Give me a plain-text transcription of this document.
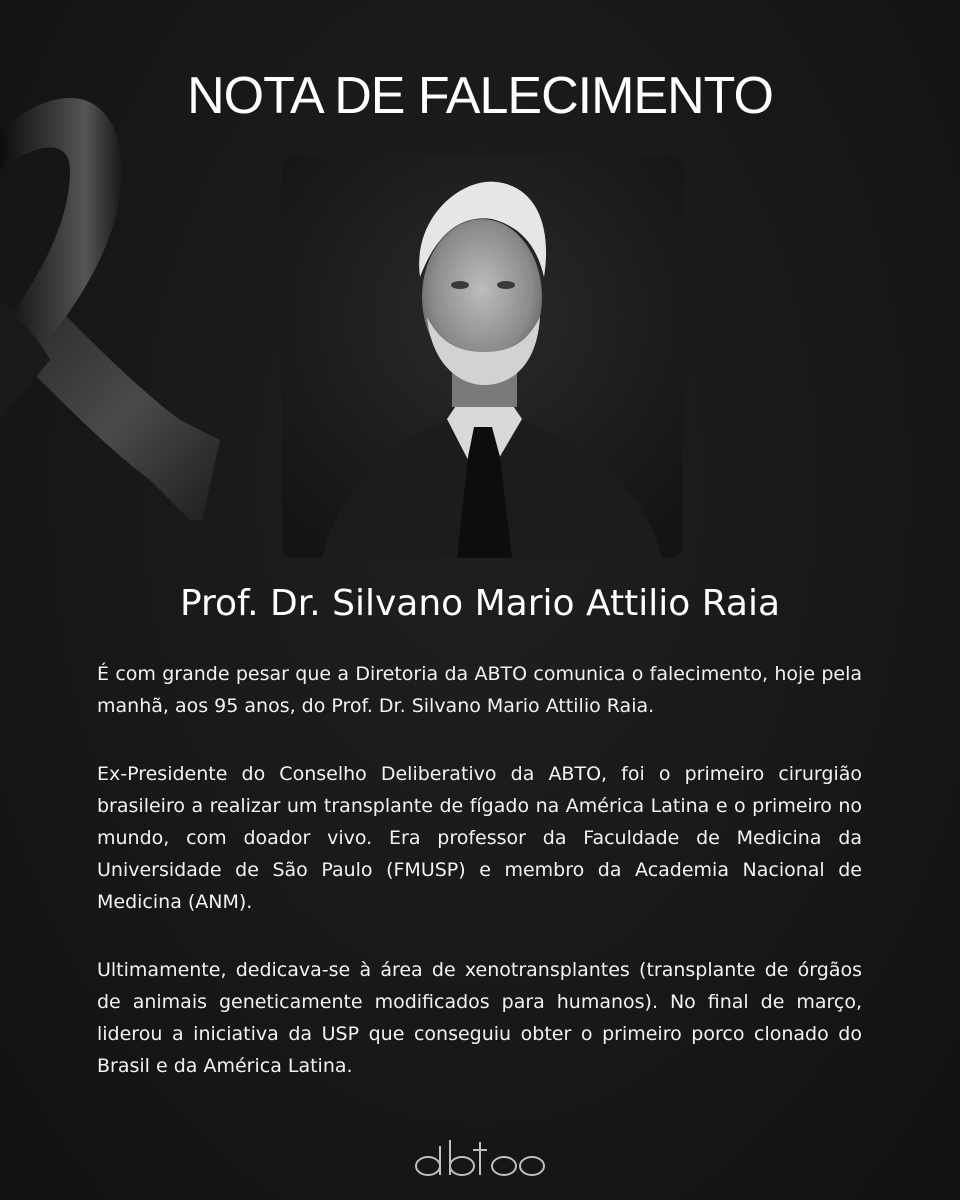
NOTA DE FALECIMENTO
Prof. Dr. Silvano Mario Attilio Raia

É com grande pesar que a Diretoria da ABTO comunica o falecimento, hoje pela manhã, aos 95 anos, do Prof. Dr. Silvano Mario Attilio Raia.

Ex-Presidente do Conselho Deliberativo da ABTO, foi o primeiro cirurgião brasileiro a realizar um transplante de fígado na América Latina e o primeiro no mundo, com doador vivo. Era professor da Faculdade de Medicina da Universidade de São Paulo (FMUSP) e membro da Academia Nacional de Medicina (ANM).

Ultimamente, dedicava-se à área de xenotransplantes (transplante de órgãos de animais geneticamente modificados para humanos). No final de março, liderou a iniciativa da USP que conseguiu obter o primeiro porco clonado do Brasil e da América Latina.
